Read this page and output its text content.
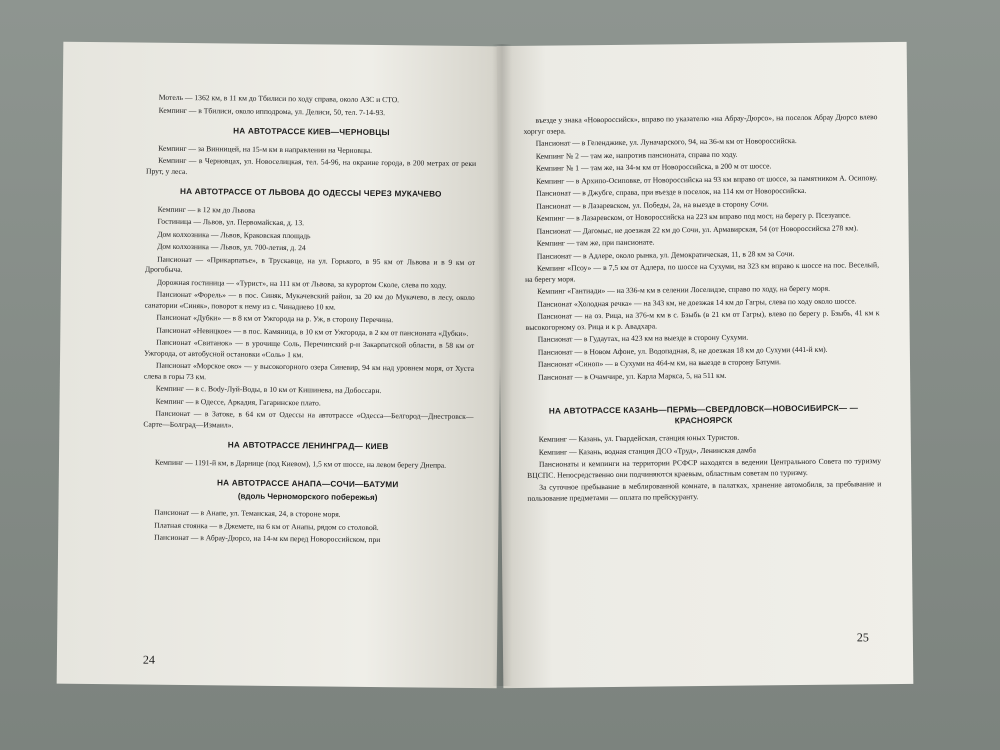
Мотель — 1362 км, в 11 км до Тбилиси по ходу справа, около АЗС и СТО.

Кемпинг — в Тбилиси, около ипподрома, ул. Делиси, 50, тел. 7-14-93.

НА АВТОТРАССЕ КИЕВ—ЧЕРНОВЦЫ

Кемпинг — за Винницей, на 15-м км в направлении на Черновцы.

Кемпинг — в Черновцах, ул. Новоселицкая, тел. 54-96, на окраине города, в 200 метрах от реки Прут, у леса.

НА АВТОТРАССЕ ОТ ЛЬВОВА ДО ОДЕССЫ ЧЕРЕЗ МУКАЧЕВО

Кемпинг — в 12 км до Львова

Гостиница — Львов, ул. Первомайская, д. 13.

Дом колхозника — Львов, Краковская площадь

Дом колхозника — Львов, ул. 700-летия, д. 24

Пансионат — «Прикарпатье», в Трускавце, на ул. Горького, в 95 км от Львова и в 9 км от Дрогобыча.

Дорожная гостиница — «Турист», на 111 км от Львова, за курортом Сколе, слева по ходу.

Пансионат «Форель» — в пос. Синяк, Мукачевский район, за 20 км до Мукачево, в лесу, около санатории «Синяк», поворот к нему из с. Чинадиево 10 км.

Пансионат «Дубки» — в 8 км от Ужгорода на р. Уж, в сторону Перечина.

Пансионат «Невицкое» — в пос. Камяница, в 10 км от Ужгорода, в 2 км от пансионата «Дубки».

Пансионат «Свитанок» — в урочище Соль, Перечинский р-н Закарпатской области, в 58 км от Ужгорода, от автобусной остановки «Соль» 1 км.

Пансионат «Морское око» — у высокогорного озера Синевир, 94 км над уровнем моря, от Хуста слева в горы 73 км.

Кемпинг — в с. Вody-Луй-Воды, в 10 км от Кишинева, на Добоссарн.

Кемпинг — в Одессе, Аркадия, Гагаринское плато.

Пансионат — в Затоке, в 64 км от Одессы на автотрассе «Одесса—Белгород—Днестровск—Сарте—Болград—Измаил».

НА АВТОТРАССЕ ЛЕНИНГРАД— КИЕВ

Кемпинг — 1191-й км, в Дарнице (под Киевом), 1,5 км от шоссе, на левом берегу Днепра.

НА АВТОТРАССЕ АНАПА—СОЧИ—БАТУМИ
(вдоль Черноморского побережья)

Пансионат — в Анапе, ул. Теманская, 24, в стороне моря.

Платная стоянка — в Джемете, на 6 км от Анапы, рядом со столовой.

Пансионат — в Абрау-Дюрсо, на 14-м км перед Новороссийском, при

24

въезде у знака «Новороссийск», вправо по указателю «на Абрау-Дюрсо», на поселок Абрау Дюрсо влево хоргуг озера.

Пансионат — в Геленджике, ул. Луначарского, 94, на 36-м км от Новороссийска.

Кемпинг № 2 — там же, напротив пансионата, справа по ходу.

Кемпинг № 1 — там же, на 34-м км от Новороссийска, в 200 м от шоссе.

Кемпинг — в Архипо-Осиповке, от Новороссийска на 93 км вправо от шоссе, за памятником А. Осипову.

Пансионат — в Джубге, справа, при въезде в поселок, на 114 км от Новороссийска.

Пансионат — в Лазаревском, ул. Победы, 2а, на выезде в сторону Сочи.

Кемпинг — в Лазаревском, от Новороссийска на 223 км вправо под мост, на берегу р. Псезуапсе.

Пансионат — Дагомыс, не доезжая 22 км до Сочи, ул. Армавирская, 54 (от Новороссийска 278 км).

Кемпинг — там же, при пансионате.

Пансионат — в Адлере, около рынка, ул. Демократическая, 11, в 28 км за Сочи.

Кемпинг «Псоу» — в 7,5 км от Адлера, по шоссе на Сухуми, на 323 км вправо к шоссе на пос. Веселый, на берегу моря.

Кемпинг «Гантиади» — на 336-м км в селении Лоселидзе, справо по ходу, на берегу моря.

Пансионат «Холодная речка» — на 343 км, не доезжая 14 км до Гагры, слева по ходу около шоссе.

Пансионат — на оз. Рица, на 376-м км в с. Бзыбь (в 21 км от Гагры), влево по берегу р. Бзыбь, 41 км к высокогорному оз. Рица и к р. Авадхара.

Пансионат — в Гудаутах, на 423 км на выезде в сторону Сухуми.

Пансионат — в Новом Афоне, ул. Водопадная, 8, не доезжая 18 км до Сухуми (441-й км).

Пансионат «Синоп» — в Сухуми на 464-м км, на выезде в сторону Батуми.

Пансионат — в Очамчире, ул. Карла Маркса, 5, на 511 км.

НА АВТОТРАССЕ КАЗАНЬ—ПЕРМЬ—СВЕРДЛОВСК—НОВОСИБИРСК— —КРАСНОЯРСК

Кемпинг — Казань, ул. Гвардейская, станция юных Туристов.

Кемпинг — Казань, водная станция ДСО «Труд», Ленинская дамба

Пансионаты и кемпинги на территории РСФСР находятся в ведении Центрального Совета по туризму ВЦСПС. Непосредственно они подчиняются краевым, областным советам по туризму.

За суточное пребывание в меблированной комнате, в палатках, хранение автомобиля, за пребывание и пользование предметами — оплата по прейскуранту.

25
